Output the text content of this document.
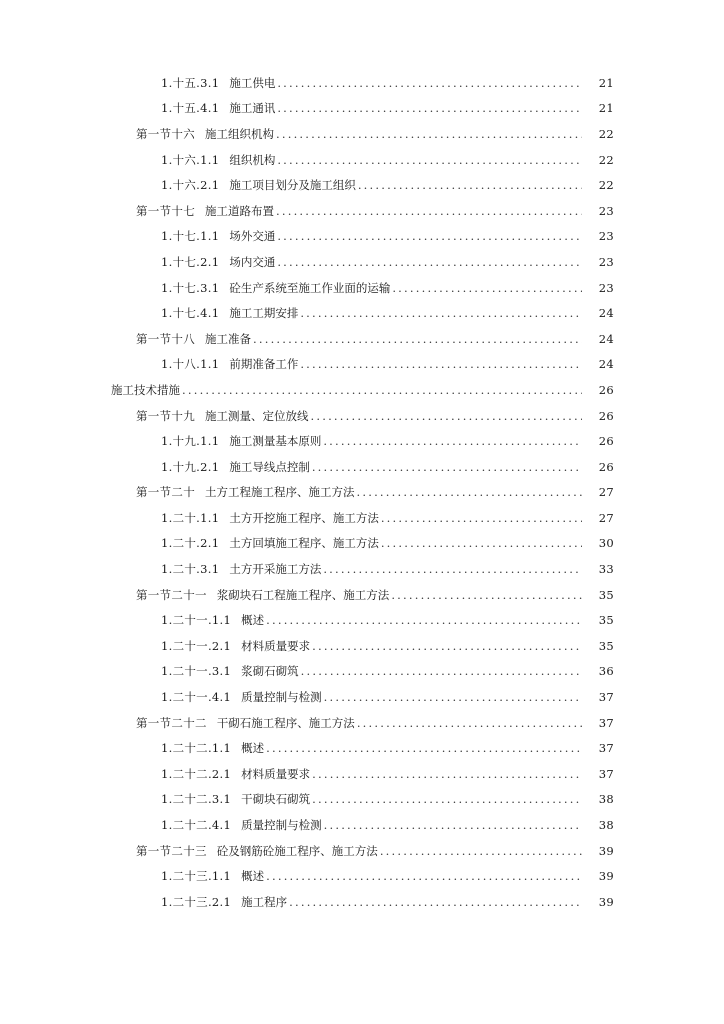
1.十五.3.1 施工供电 .....	21
1.十五.4.1 施工通讯 .....	21
第一节十六 施工组织机构 .....	22
1.十六.1.1 组织机构 .....	22
1.十六.2.1 施工项目划分及施工组织 .....	22
第一节十七 施工道路布置 .....	23
1.十七.1.1 场外交通 .....	23
1.十七.2.1 场内交通 .....	23
1.十七.3.1 砼生产系统至施工作业面的运输 .....	23
1.十七.4.1 施工工期安排 .....	24
第一节十八 施工准备 .....	24
1.十八.1.1 前期准备工作 .....	24
施工技术措施 .....	26
第一节十九 施工测量、定位放线 .....	26
1.十九.1.1 施工测量基本原则 .....	26
1.十九.2.1 施工导线点控制 .....	26
第一节二十 土方工程施工程序、施工方法 .....	27
1.二十.1.1 土方开挖施工程序、施工方法 .....	27
1.二十.2.1 土方回填施工程序、施工方法 .....	30
1.二十.3.1 土方开采施工方法 .....	33
第一节二十一 浆砌块石工程施工程序、施工方法 .....	35
1.二十一.1.1 概述 .....	35
1.二十一.2.1 材料质量要求 .....	35
1.二十一.3.1 浆砌石砌筑 .....	36
1.二十一.4.1 质量控制与检测 .....	37
第一节二十二 干砌石施工程序、施工方法 .....	37
1.二十二.1.1 概述 .....	37
1.二十二.2.1 材料质量要求 .....	37
1.二十二.3.1 干砌块石砌筑 .....	38
1.二十二.4.1 质量控制与检测 .....	38
第一节二十三 砼及钢筋砼施工程序、施工方法 .....	39
1.二十三.1.1 概述 .....	39
1.二十三.2.1 施工程序 .....	39
